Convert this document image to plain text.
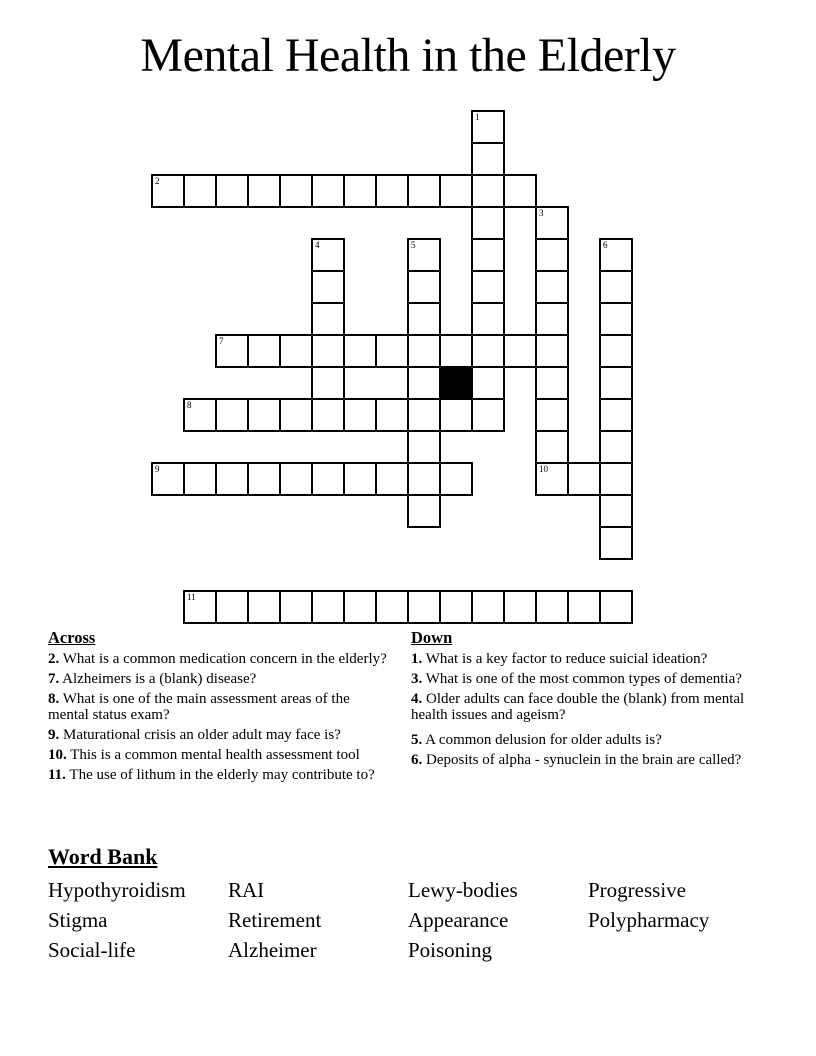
Mental Health in the Elderly
1
2
3
10
4	5	6
7
8
9
11
Across
2. What is a common medication concern in the elderly?
7. Alzheimers is a (blank) disease?
8. What is one of the main assessment areas of the mental status exam?
9. Maturational crisis an older adult may face is?
10. This is a common mental health assessment tool
11. The use of lithum in the elderly may contribute to?
Down
1. What is a key factor to reduce suicial ideation?
3. What is one of the most common types of dementia?
4. Older adults can face double the (blank) from mental health issues and ageism?
5. A common delusion for older adults is?
6. Deposits of alpha - synuclein in the brain are called?
Word Bank
Hypothyroidism	RAI	Lewy-bodies	Progressive
Stigma	Retirement	Appearance	Polypharmacy
Social-life	Alzheimer	Poisoning
